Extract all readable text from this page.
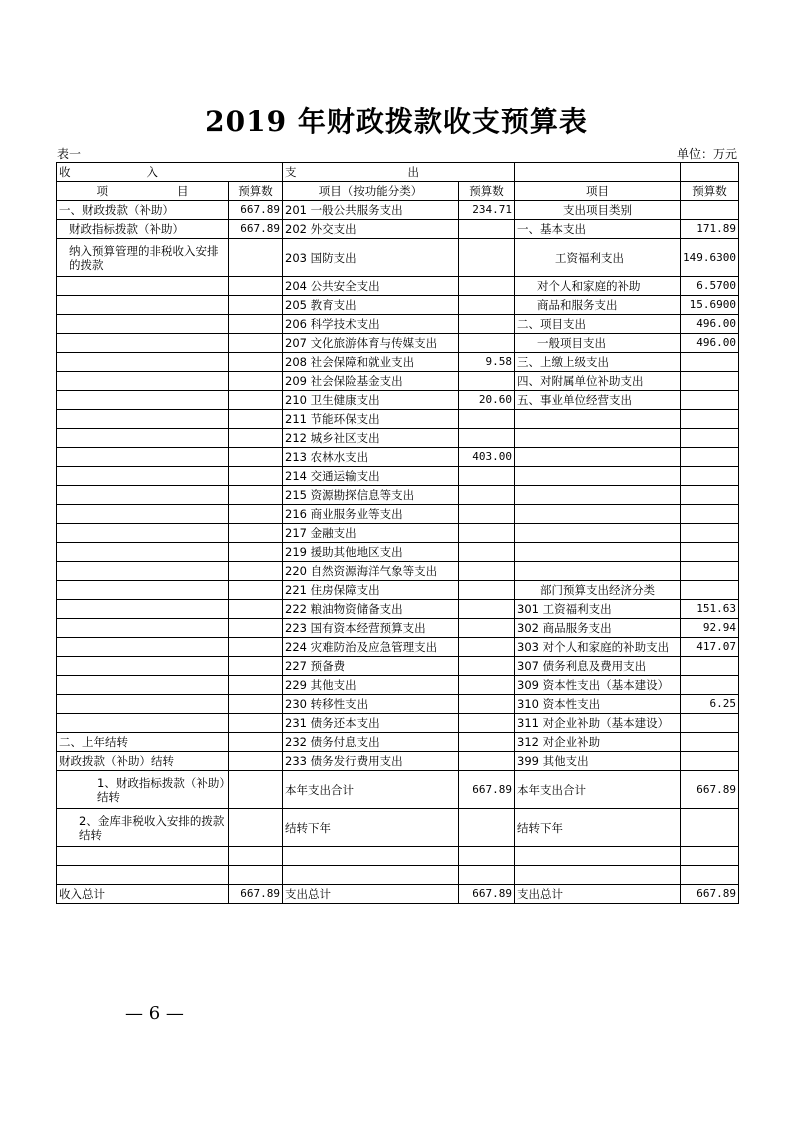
2019 年财政拨款收支预算表
表一	单位：万元
收　　　　入		支　　　　　　出			
项　　　　　　目	预算数	项目（按功能分类）	预算数	项目	预算数
一、财政拨款（补助）	667.89	201 一般公共服务支出	234.71	支出项目类别	
财政指标拨款（补助）	667.89	202 外交支出		一、基本支出	171.89
纳入预算管理的非税收入安排的拨款		203 国防支出		工资福利支出	149.6300
		204 公共安全支出		对个人和家庭的补助	6.5700
		205 教育支出		商品和服务支出	15.6900
		206 科学技术支出		二、项目支出	496.00
		207 文化旅游体育与传媒支出		一般项目支出	496.00
		208 社会保障和就业支出	9.58	三、上缴上级支出	
		209 社会保险基金支出		四、对附属单位补助支出	
		210 卫生健康支出	20.60	五、事业单位经营支出	
		211 节能环保支出			
		212 城乡社区支出			
		213 农林水支出	403.00		
		214 交通运输支出			
		215 资源勘探信息等支出			
		216 商业服务业等支出			
		217 金融支出			
		219 援助其他地区支出			
		220 自然资源海洋气象等支出			
		221 住房保障支出		部门预算支出经济分类	
		222 粮油物资储备支出		301 工资福利支出	151.63
		223 国有资本经营预算支出		302 商品服务支出	92.94
		224 灾难防治及应急管理支出		303 对个人和家庭的补助支出	417.07
		227 预备费		307 债务利息及费用支出	
		229 其他支出		309 资本性支出（基本建设）	
		230 转移性支出		310 资本性支出	6.25
		231 债务还本支出		311 对企业补助（基本建设）	
二、上年结转		232 债务付息支出		312 对企业补助	
财政拨款（补助）结转		233 债务发行费用支出		399 其他支出	
1、财政指标拨款（补助）结转		本年支出合计	667.89	本年支出合计	667.89
2、金库非税收入安排的拨款结转		结转下年		结转下年	

收入总计	667.89	支出总计	667.89	支出总计	667.89
— 6 —
